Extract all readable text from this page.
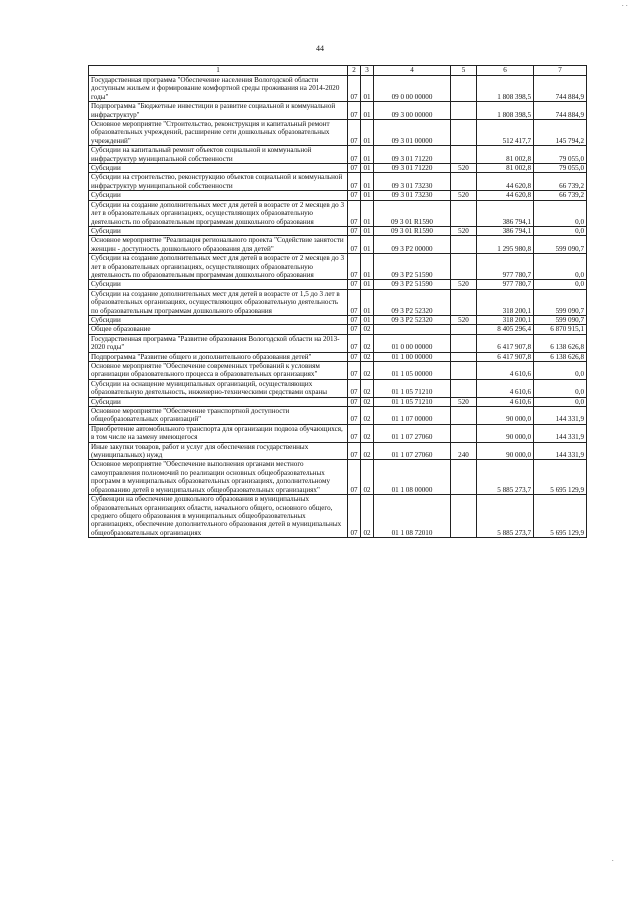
· ·
44
1	2	3	4	5	6	7
Государственная программа "Обеспечение населения Вологодской области доступным жильем и формирование комфортной среды проживания на 2014-2020 годы"	07	01	09 0 00 00000		1 808 398,5	744 884,9
Подпрограмма "Бюджетные инвестиции в развитие социальной и коммунальной инфраструктур"	07	01	09 3 00 00000		1 808 398,5	744 884,9
Основное мероприятие "Строительство, реконструкция и капитальный ремонт образовательных учреждений, расширение сети дошкольных образовательных учреждений"	07	01	09 3 01 00000		512 417,7	145 794,2
Субсидии на капитальный ремонт объектов социальной и коммунальной инфраструктур муниципальной собственности	07	01	09 3 01 71220		81 002,8	79 055,0
Субсидии	07	01	09 3 01 71220	520	81 002,8	79 055,0
Субсидии на строительство, реконструкцию объектов социальной и коммунальной инфраструктур муниципальной собственности	07	01	09 3 01 73230		44 620,8	66 739,2
Субсидии	07	01	09 3 01 73230	520	44 620,8	66 739,2
Субсидии на создание дополнительных мест для детей в возрасте от 2 месяцев до 3 лет в образовательных организациях, осуществляющих образовательную деятельность по образовательным программам дошкольного образования	07	01	09 3 01 R1590		386 794,1	0,0
Субсидии	07	01	09 3 01 R1590	520	386 794,1	0,0
Основное мероприятие "Реализация регионального проекта "Содействие занятости женщин - доступность дошкольного образования для детей"	07	01	09 3 P2 00000		1 295 980,8	599 090,7
Субсидии на создание дополнительных мест для детей в возрасте от 2 месяцев до 3 лет в образовательных организациях, осуществляющих образовательную деятельность по образовательным программам дошкольного образования	07	01	09 3 P2 51590		977 780,7	0,0
Субсидии	07	01	09 3 P2 51590	520	977 780,7	0,0
Субсидии на создание дополнительных мест для детей в возрасте от 1,5 до 3 лет в образовательных организациях, осуществляющих образовательную деятельность по образовательным программам дошкольного образования	07	01	09 3 P2 52320		318 200,1	599 090,7
Субсидии	07	01	09 3 P2 52320	520	318 200,1	599 090,7
Общее образование	07	02			8 405 296,4	6 870 915,1
Государственная программа "Развитие образования Вологодской области на 2013-2020 годы"	07	02	01 0 00 00000		6 417 907,8	6 138 626,8
Подпрограмма "Развитие общего и дополнительного образования детей"	07	02	01 1 00 00000		6 417 907,8	6 138 626,8
Основное мероприятие "Обеспечение современных требований к условиям организации образовательного процесса в образовательных организациях"	07	02	01 1 05 00000		4 610,6	0,0
Субсидии на оснащение муниципальных организаций, осуществляющих образовательную деятельность, инженерно-техническими средствами охраны	07	02	01 1 05 71210		4 610,6	0,0
Субсидии	07	02	01 1 05 71210	520	4 610,6	0,0
Основное мероприятие "Обеспечение транспортной доступности общеобразовательных организаций"	07	02	01 1 07 00000		90 000,0	144 331,9
Приобретение автомобильного транспорта для организации подвоза обучающихся, в том числе на замену имеющегося	07	02	01 1 07 27060		90 000,0	144 331,9
Иные закупки товаров, работ и услуг для обеспечения государственных (муниципальных) нужд	07	02	01 1 07 27060	240	90 000,0	144 331,9
Основное мероприятие "Обеспечение выполнения органами местного самоуправления полномочий по реализации основных общеобразовательных программ в муниципальных образовательных организациях, дополнительному образованию детей в муниципальных общеобразовательных организациях"	07	02	01 1 08 00000		5 885 273,7	5 695 129,9
Субвенции на обеспечение дошкольного образования в муниципальных образовательных организациях области, начального общего, основного общего, среднего общего образования в муниципальных общеобразовательных организациях, обеспечение дополнительного образования детей в муниципальных общеобразовательных организациях	07	02	01 1 08 72010		5 885 273,7	5 695 129,9
·
